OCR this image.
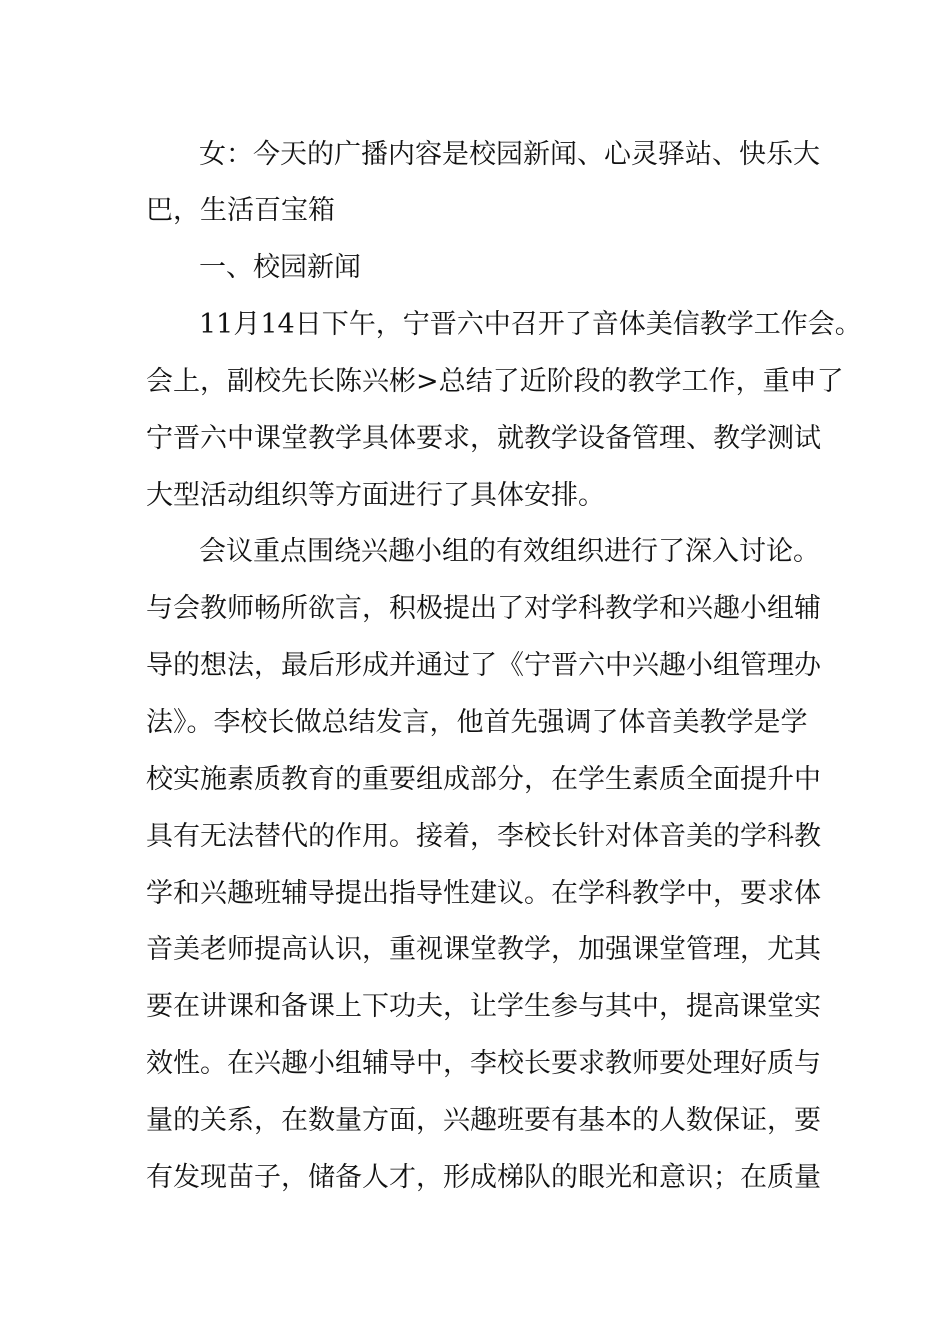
女：今天的广播内容是校园新闻、心灵驿站、快乐大
巴，生活百宝箱
一、校园新闻
11月14日下午，宁晋六中召开了音体美信教学工作会。
会上，副校先长陈兴彬>总结了近阶段的教学工作，重申了
宁晋六中课堂教学具体要求，就教学设备管理、教学测试
大型活动组织等方面进行了具体安排。
会议重点围绕兴趣小组的有效组织进行了深入讨论。
与会教师畅所欲言，积极提出了对学科教学和兴趣小组辅
导的想法，最后形成并通过了《宁晋六中兴趣小组管理办
法》。李校长做总结发言，他首先强调了体音美教学是学
校实施素质教育的重要组成部分，在学生素质全面提升中
具有无法替代的作用。接着，李校长针对体音美的学科教
学和兴趣班辅导提出指导性建议。在学科教学中，要求体
音美老师提高认识，重视课堂教学，加强课堂管理，尤其
要在讲课和备课上下功夫，让学生参与其中，提高课堂实
效性。在兴趣小组辅导中，李校长要求教师要处理好质与
量的关系，在数量方面，兴趣班要有基本的人数保证，要
有发现苗子，储备人才，形成梯队的眼光和意识；在质量
